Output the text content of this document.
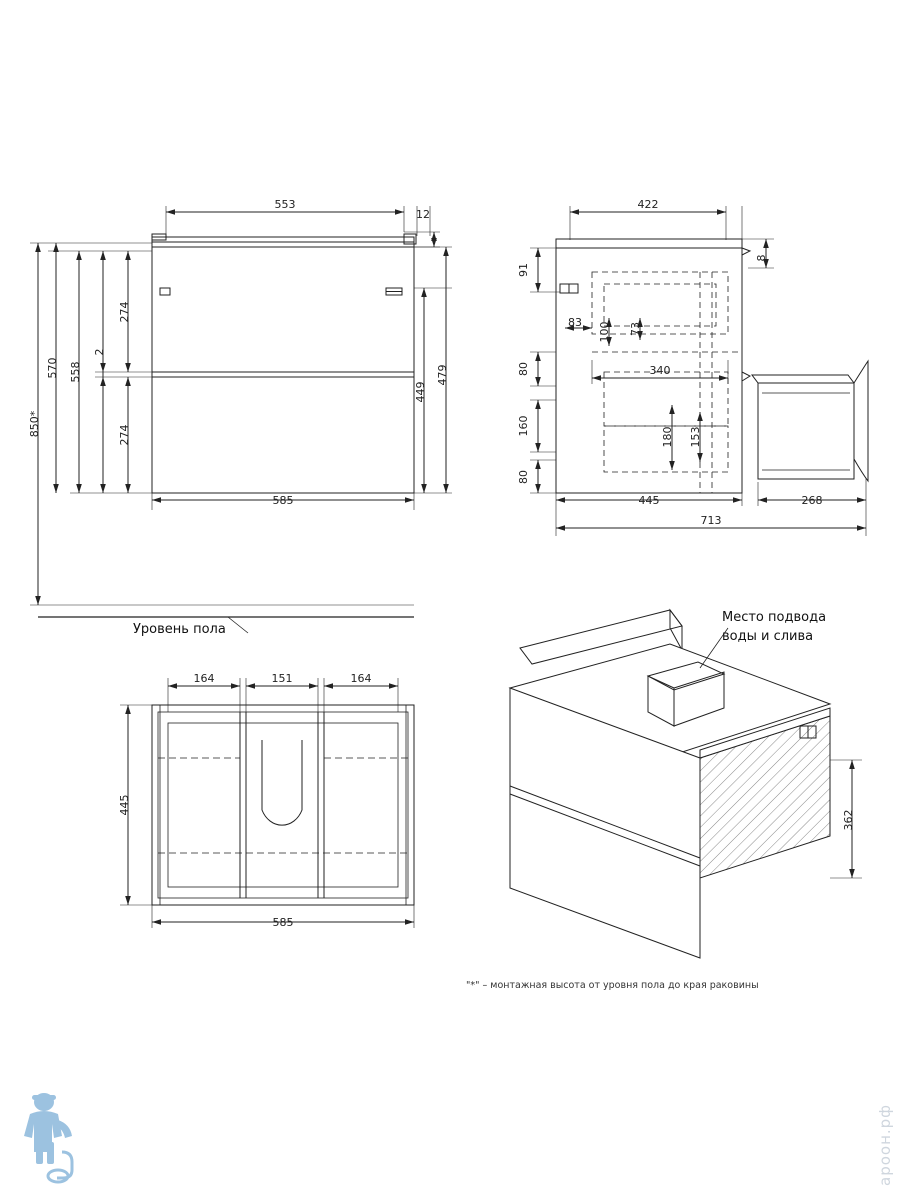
553
12
585
850*
570 558
2
274
274
449
479
Уровень пола
422
91
8
83 100 73
340
80
160
80
180 153
445	268
713
164	151	164
445
585
Место подвода
воды и слива
362
"*" – монтажная высота от уровня пола до края раковины
ароон.рф
